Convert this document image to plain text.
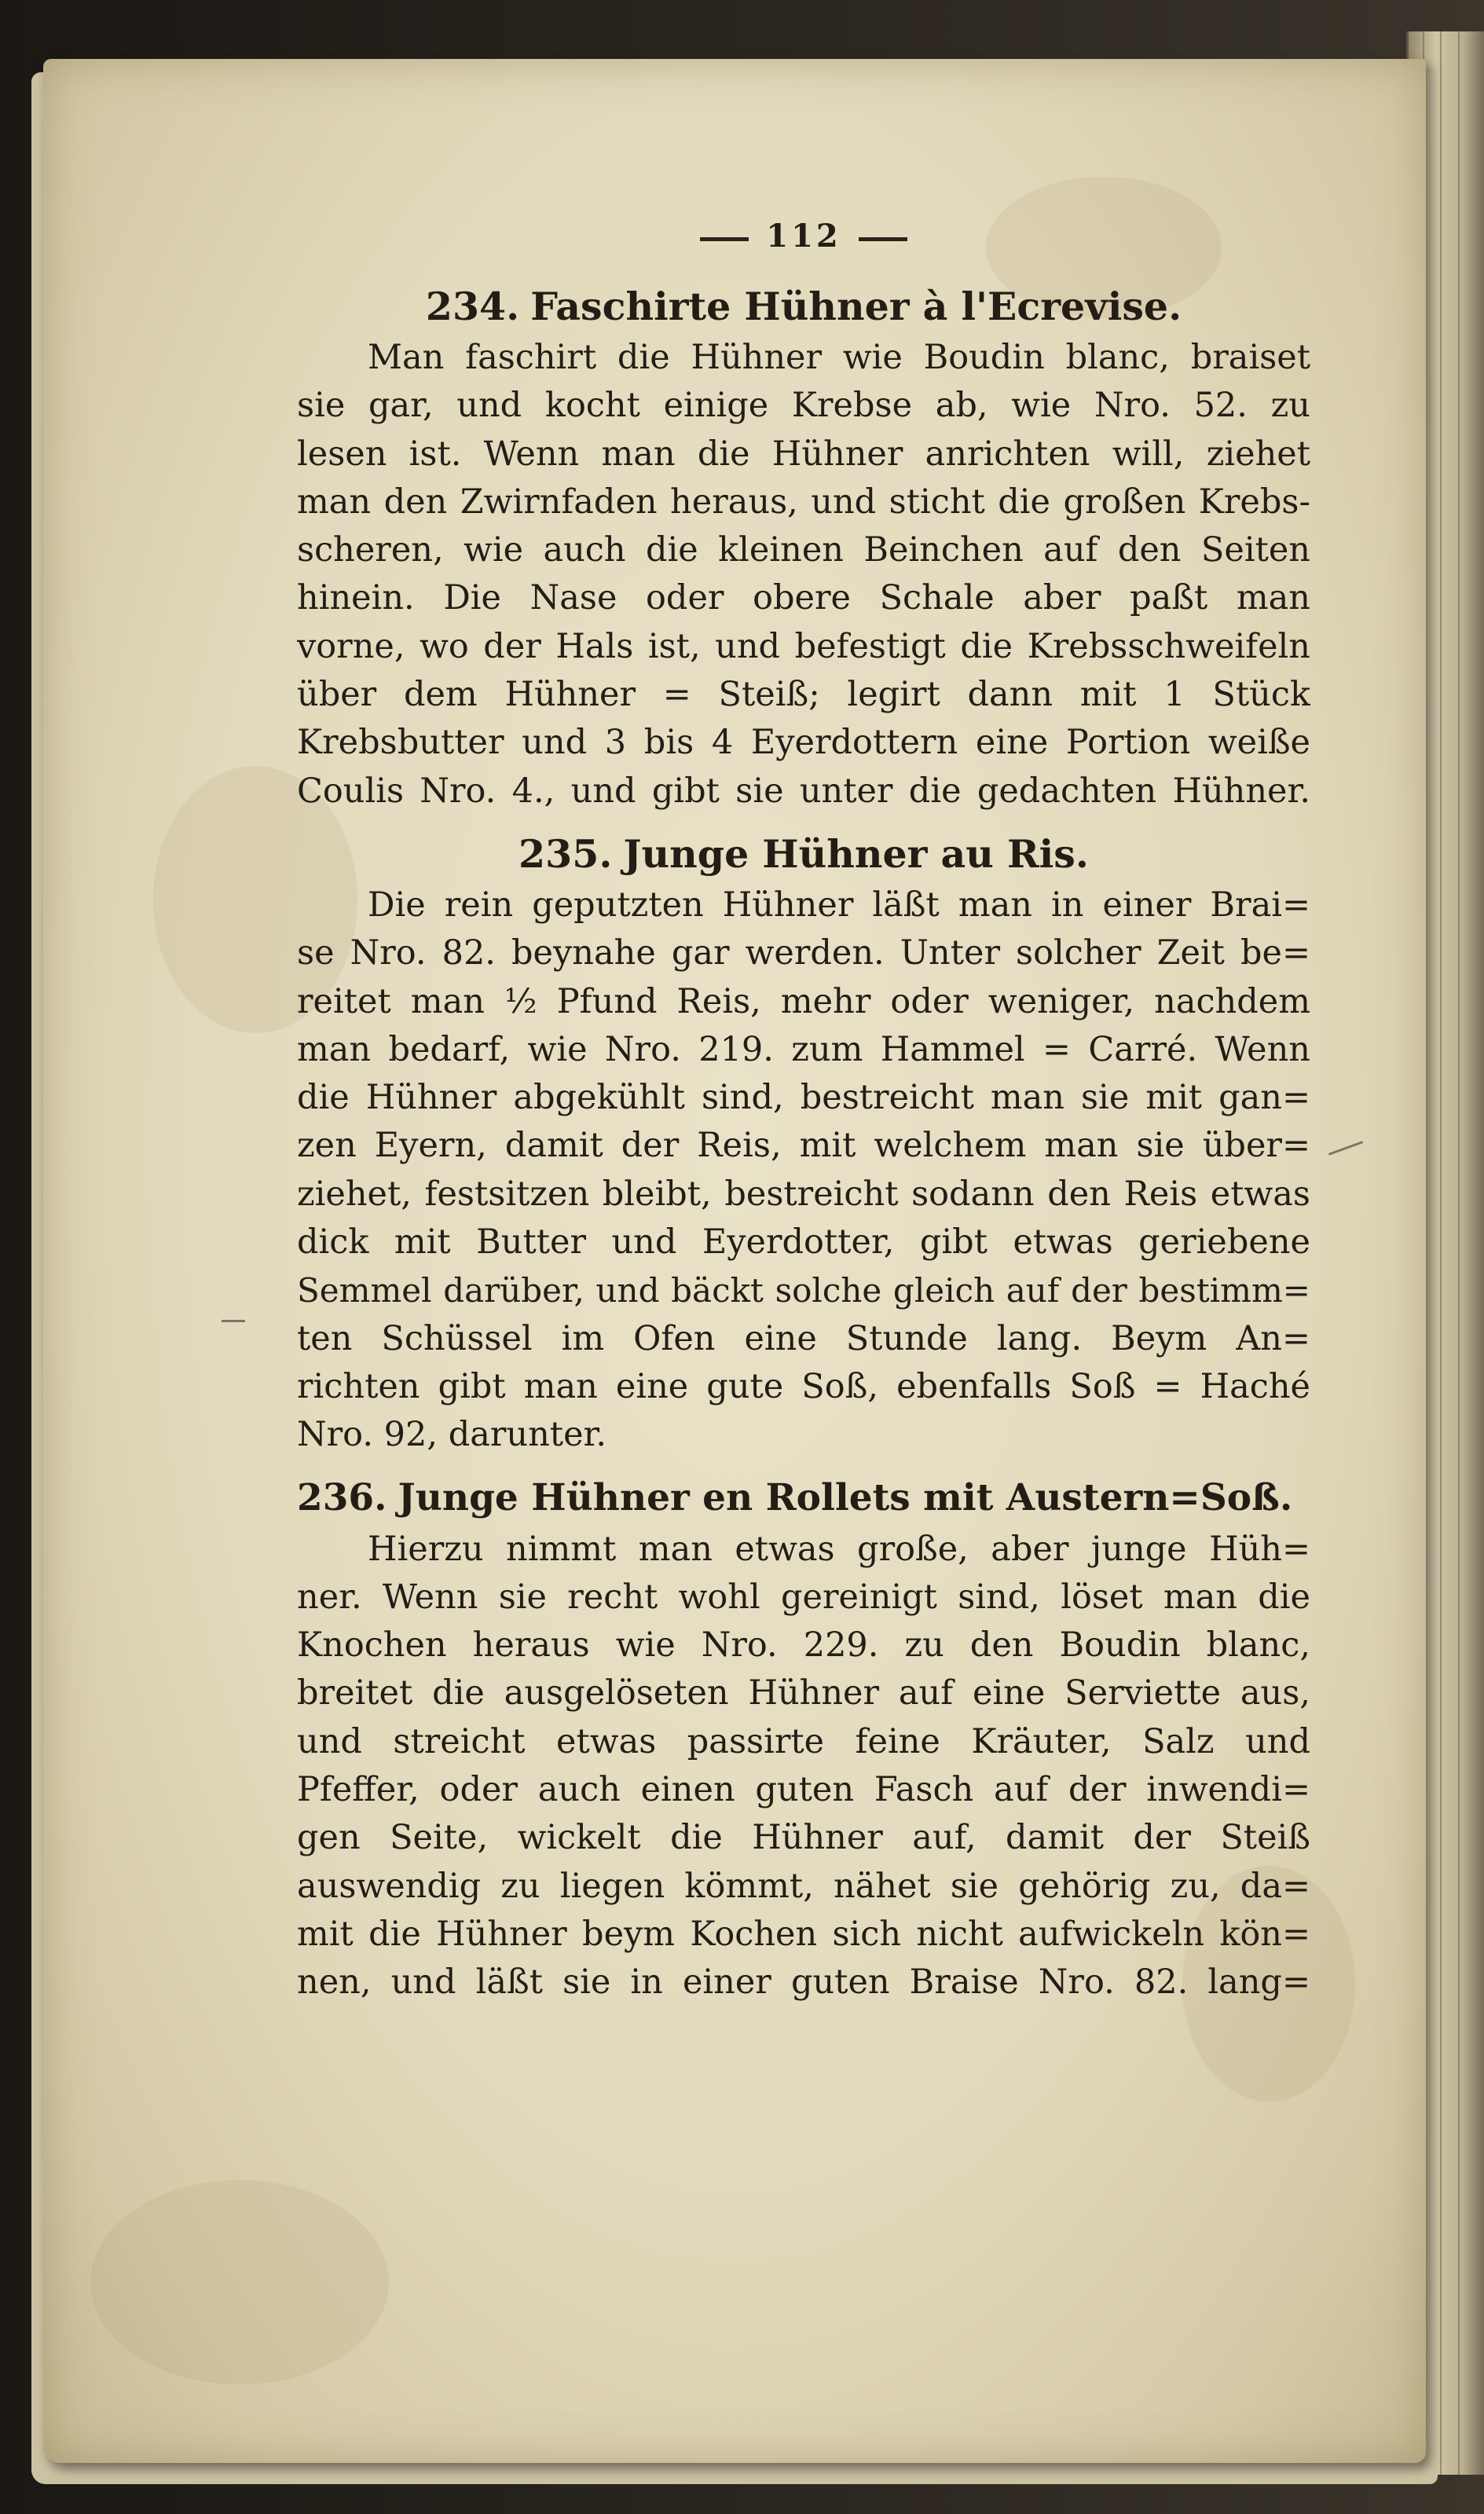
112
234. Faschirte Hühner à l'Ecrevise.
Man faschirt die Hühner wie Boudin blanc, braiset
sie gar, und kocht einige Krebse ab, wie Nro. 52. zu
lesen ist. Wenn man die Hühner anrichten will, ziehet
man den Zwirnfaden heraus, und sticht die großen Krebs-
scheren, wie auch die kleinen Beinchen auf den Seiten
hinein. Die Nase oder obere Schale aber paßt man
vorne, wo der Hals ist, und befestigt die Krebsschweifeln
über dem Hühner = Steiß; legirt dann mit 1 Stück
Krebsbutter und 3 bis 4 Eyerdottern eine Portion weiße
Coulis Nro. 4., und gibt sie unter die gedachten Hühner.
235. Junge Hühner au Ris.
Die rein geputzten Hühner läßt man in einer Brai=
se Nro. 82. beynahe gar werden. Unter solcher Zeit be=
reitet man ½ Pfund Reis, mehr oder weniger, nachdem
man bedarf, wie Nro. 219. zum Hammel = Carré. Wenn
die Hühner abgekühlt sind, bestreicht man sie mit gan=
zen Eyern, damit der Reis, mit welchem man sie über=
ziehet, festsitzen bleibt, bestreicht sodann den Reis etwas
dick mit Butter und Eyerdotter, gibt etwas geriebene
Semmel darüber, und bäckt solche gleich auf der bestimm=
ten Schüssel im Ofen eine Stunde lang. Beym An=
richten gibt man eine gute Soß, ebenfalls Soß = Haché
Nro. 92, darunter.
236. Junge Hühner en Rollets mit Austern=Soß.
Hierzu nimmt man etwas große, aber junge Hüh=
ner. Wenn sie recht wohl gereinigt sind, löset man die
Knochen heraus wie Nro. 229. zu den Boudin blanc,
breitet die ausgelöseten Hühner auf eine Serviette aus,
und streicht etwas passirte feine Kräuter, Salz und
Pfeffer, oder auch einen guten Fasch auf der inwendi=
gen Seite, wickelt die Hühner auf, damit der Steiß
auswendig zu liegen kömmt, nähet sie gehörig zu, da=
mit die Hühner beym Kochen sich nicht aufwickeln kön=
nen, und läßt sie in einer guten Braise Nro. 82. lang=
